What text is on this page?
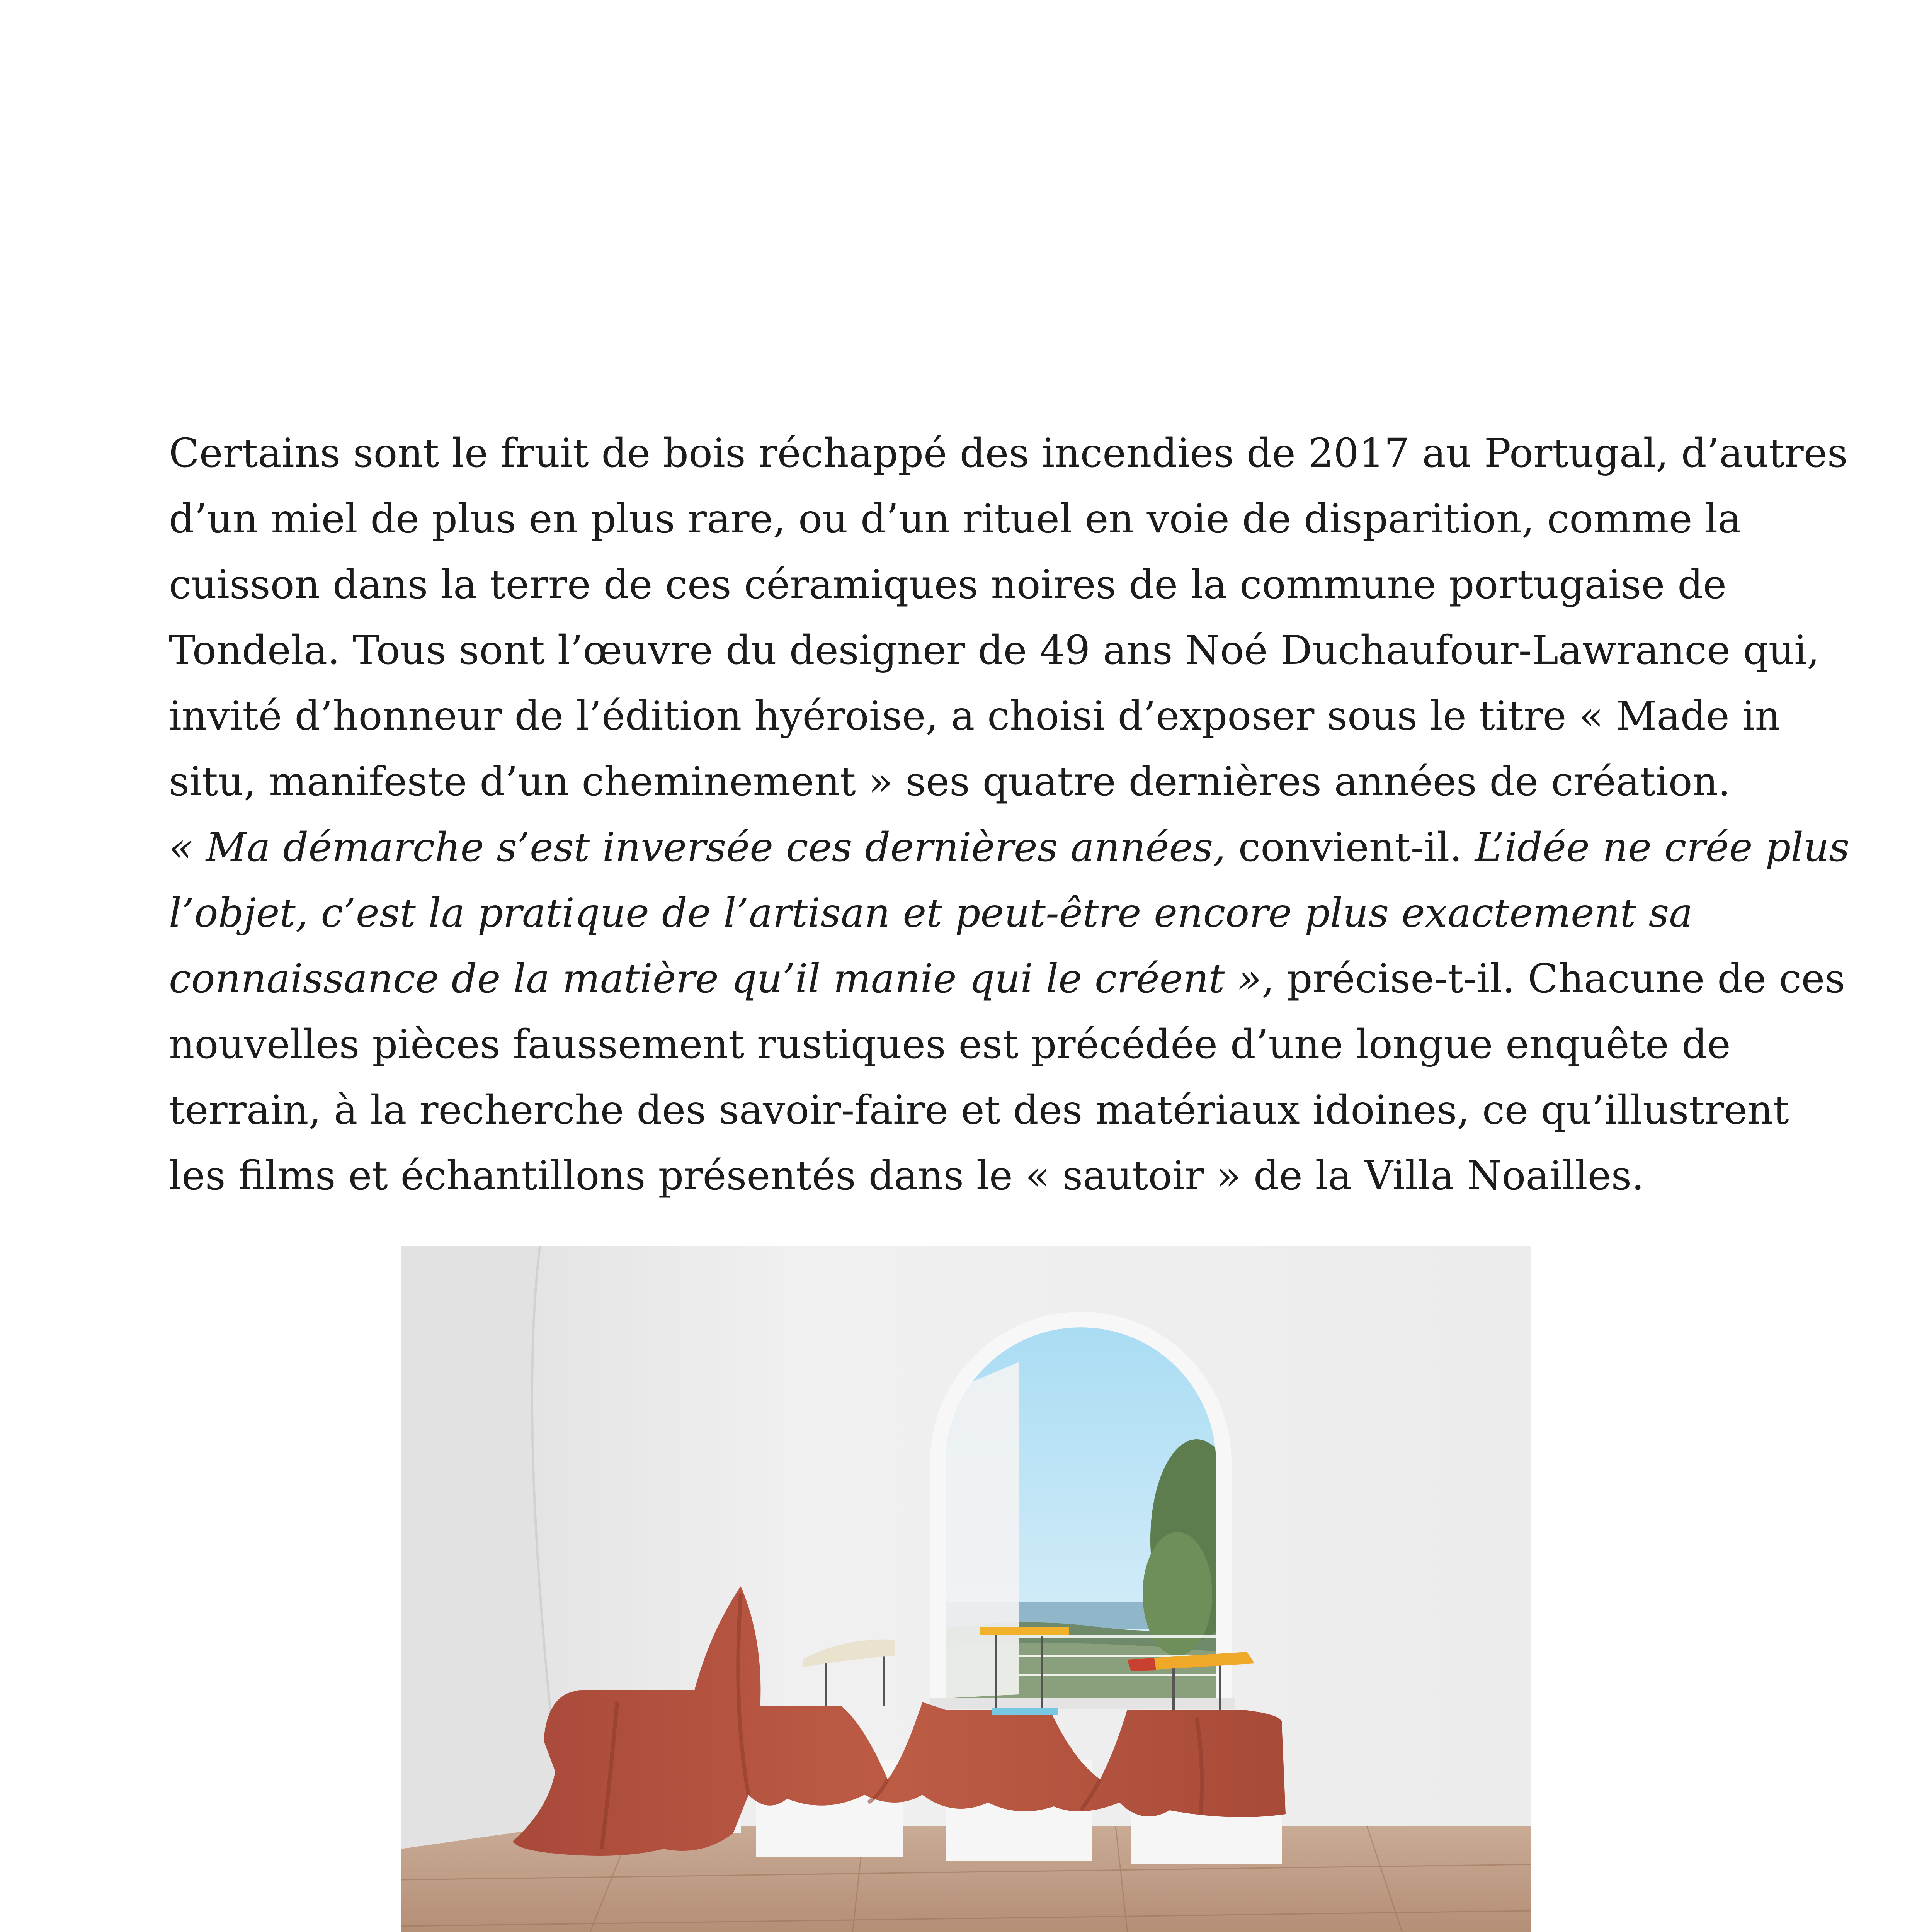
Certains sont le fruit de bois réchappé des incendies de 2017 au Portugal, d’autres
d’un miel de plus en plus rare, ou d’un rituel en voie de disparition, comme la
cuisson dans la terre de ces céramiques noires de la commune portugaise de
Tondela. Tous sont l’œuvre du designer de 49 ans Noé Duchaufour-Lawrance qui,
invité d’honneur de l’édition hyéroise, a choisi d’exposer sous le titre « Made in
situ, manifeste d’un cheminement » ses quatre dernières années de création.
« Ma démarche s’est inversée ces dernières années, convient-il. L’idée ne crée plus
l’objet, c’est la pratique de l’artisan et peut-être encore plus exactement sa
connaissance de la matière qu’il manie qui le créent », précise-t-il. Chacune de ces
nouvelles pièces faussement rustiques est précédée d’une longue enquête de
terrain, à la recherche des savoir-faire et des matériaux idoines, ce qu’illustrent
les films et échantillons présentés dans le « sautoir » de la Villa Noailles.
